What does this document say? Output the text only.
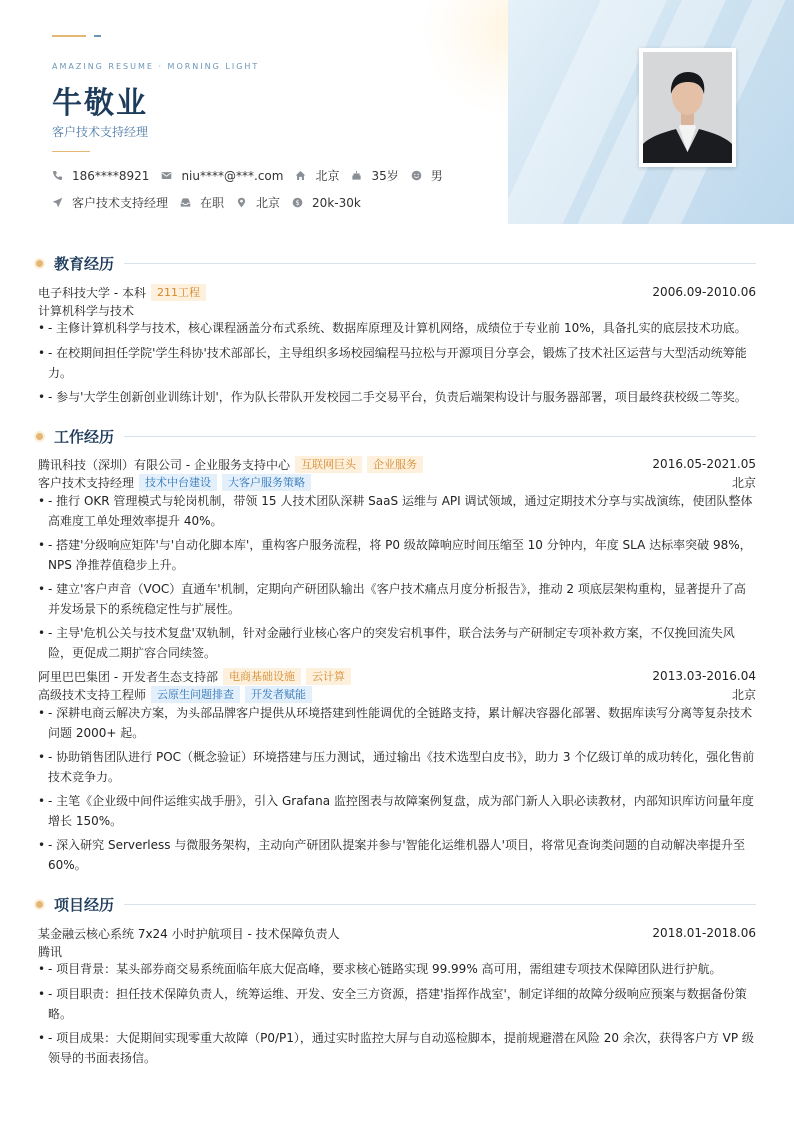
AMAZING RESUME · MORNING LIGHT
牛敬业
客户技术支持经理
186****8921	niu****@***.com	北京	35岁	男
客户技术支持经理	在职	北京 $ 20k-30k
教育经历
电子科技大学 - 本科	211工程	2006.09-2010.06
计算机科学与技术
• - 主修计算机科学与技术，核心课程涵盖分布式系统、数据库原理及计算机网络，成绩位于专业前 10%，具备扎实的底层技术功底。
• - 在校期间担任学院'学生科协'技术部部长，主导组织多场校园编程马拉松与开源项目分享会，锻炼了技术社区运营与大型活动统筹能力。
• - 参与'大学生创新创业训练计划'，作为队长带队开发校园二手交易平台，负责后端架构设计与服务器部署，项目最终获校级二等奖。
工作经历
腾讯科技（深圳）有限公司 - 企业服务支持中心	互联网巨头	企业服务	2016.05-2021.05
客户技术支持经理	技术中台建设	大客户服务策略	北京
• - 推行 OKR 管理模式与轮岗机制，带领 15 人技术团队深耕 SaaS 运维与 API 调试领域，通过定期技术分享与实战演练，使团队整体高难度工单处理效率提升 40%。
• - 搭建'分级响应矩阵'与'自动化脚本库'，重构客户服务流程，将 P0 级故障响应时间压缩至 10 分钟内，年度 SLA 达标率突破 98%，NPS 净推荐值稳步上升。
• - 建立'客户声音（VOC）直通车'机制，定期向产研团队输出《客户技术痛点月度分析报告》，推动 2 项底层架构重构，显著提升了高并发场景下的系统稳定性与扩展性。
• - 主导'危机公关与技术复盘'双轨制，针对金融行业核心客户的突发宕机事件，联合法务与产研制定专项补救方案，不仅挽回流失风险，更促成二期扩容合同续签。
阿里巴巴集团 - 开发者生态支持部	电商基础设施	云计算	2013.03-2016.04
高级技术支持工程师	云原生问题排查	开发者赋能	北京
• - 深耕电商云解决方案，为头部品牌客户提供从环境搭建到性能调优的全链路支持，累计解决容器化部署、数据库读写分离等复杂技术问题 2000+ 起。
• - 协助销售团队进行 POC（概念验证）环境搭建与压力测试，通过输出《技术选型白皮书》，助力 3 个亿级订单的成功转化，强化售前技术竞争力。
• - 主笔《企业级中间件运维实战手册》，引入 Grafana 监控图表与故障案例复盘，成为部门新人入职必读教材，内部知识库访问量年度增长 150%。
• - 深入研究 Serverless 与微服务架构，主动向产研团队提案并参与'智能化运维机器人'项目，将常见查询类问题的自动解决率提升至 60%。
项目经历
某金融云核心系统 7x24 小时护航项目 - 技术保障负责人	2018.01-2018.06
腾讯
• - 项目背景：某头部券商交易系统面临年底大促高峰，要求核心链路实现 99.99% 高可用，需组建专项技术保障团队进行护航。
• - 项目职责：担任技术保障负责人，统筹运维、开发、安全三方资源，搭建'指挥作战室'，制定详细的故障分级响应预案与数据备份策略。
• - 项目成果：大促期间实现零重大故障（P0/P1），通过实时监控大屏与自动巡检脚本，提前规避潜在风险 20 余次，获得客户方 VP 级领导的书面表扬信。
